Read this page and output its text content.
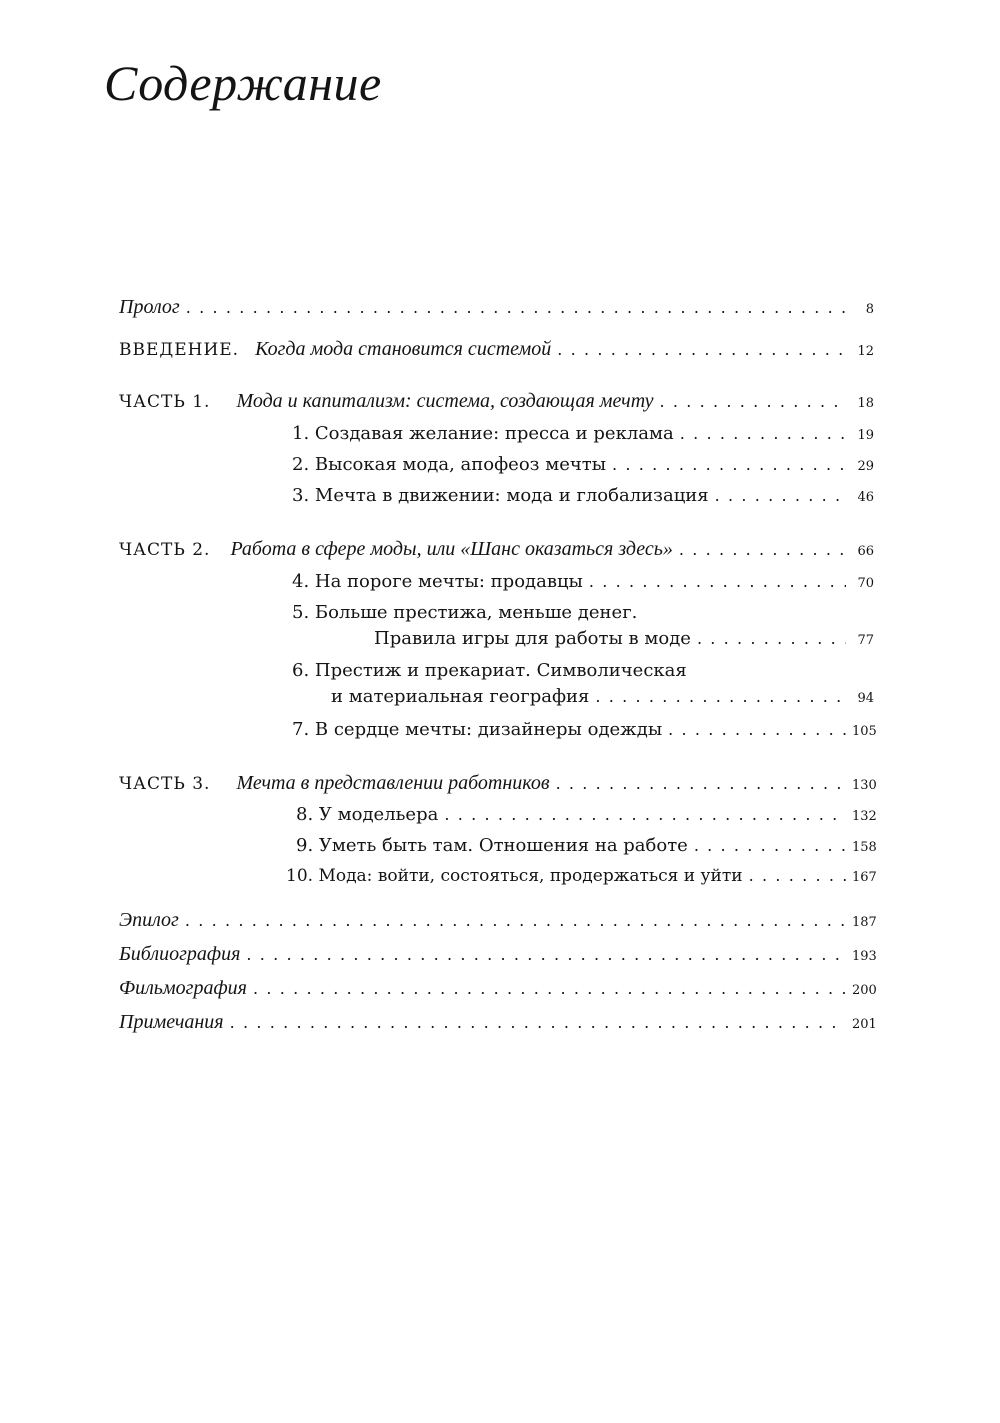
Содержание
Пролог . . .	8
ВВЕДЕНИЕ. Когда мода становится системой . . .	12
ЧАСТЬ 1. Мода и капитализм: система, создающая мечту . . .	18
1. Создавая желание: пресса и реклама . . .	19
2. Высокая мода, апофеоз мечты . . .	29
3. Мечта в движении: мода и глобализация . . .	46
ЧАСТЬ 2. Работа в сфере моды, или «Шанс оказаться здесь» . . .	66
4. На пороге мечты: продавцы . . .	70
5. Больше престижа, меньше денег.
Правила игры для работы в моде . . .	77
6. Престиж и прекариат. Символическая
и материальная география . . .	94
7. В сердце мечты: дизайнеры одежды . . .	105
ЧАСТЬ 3. Мечта в представлении работников . . .	130
8. У модельера . . .	132
9. Уметь быть там. Отношения на работе . . .	158
10. Мода: войти, состояться, продержаться и уйти . . .	167
Эпилог . . .	187
Библиография . . .	193
Фильмография . . .	200
Примечания . . .	201
